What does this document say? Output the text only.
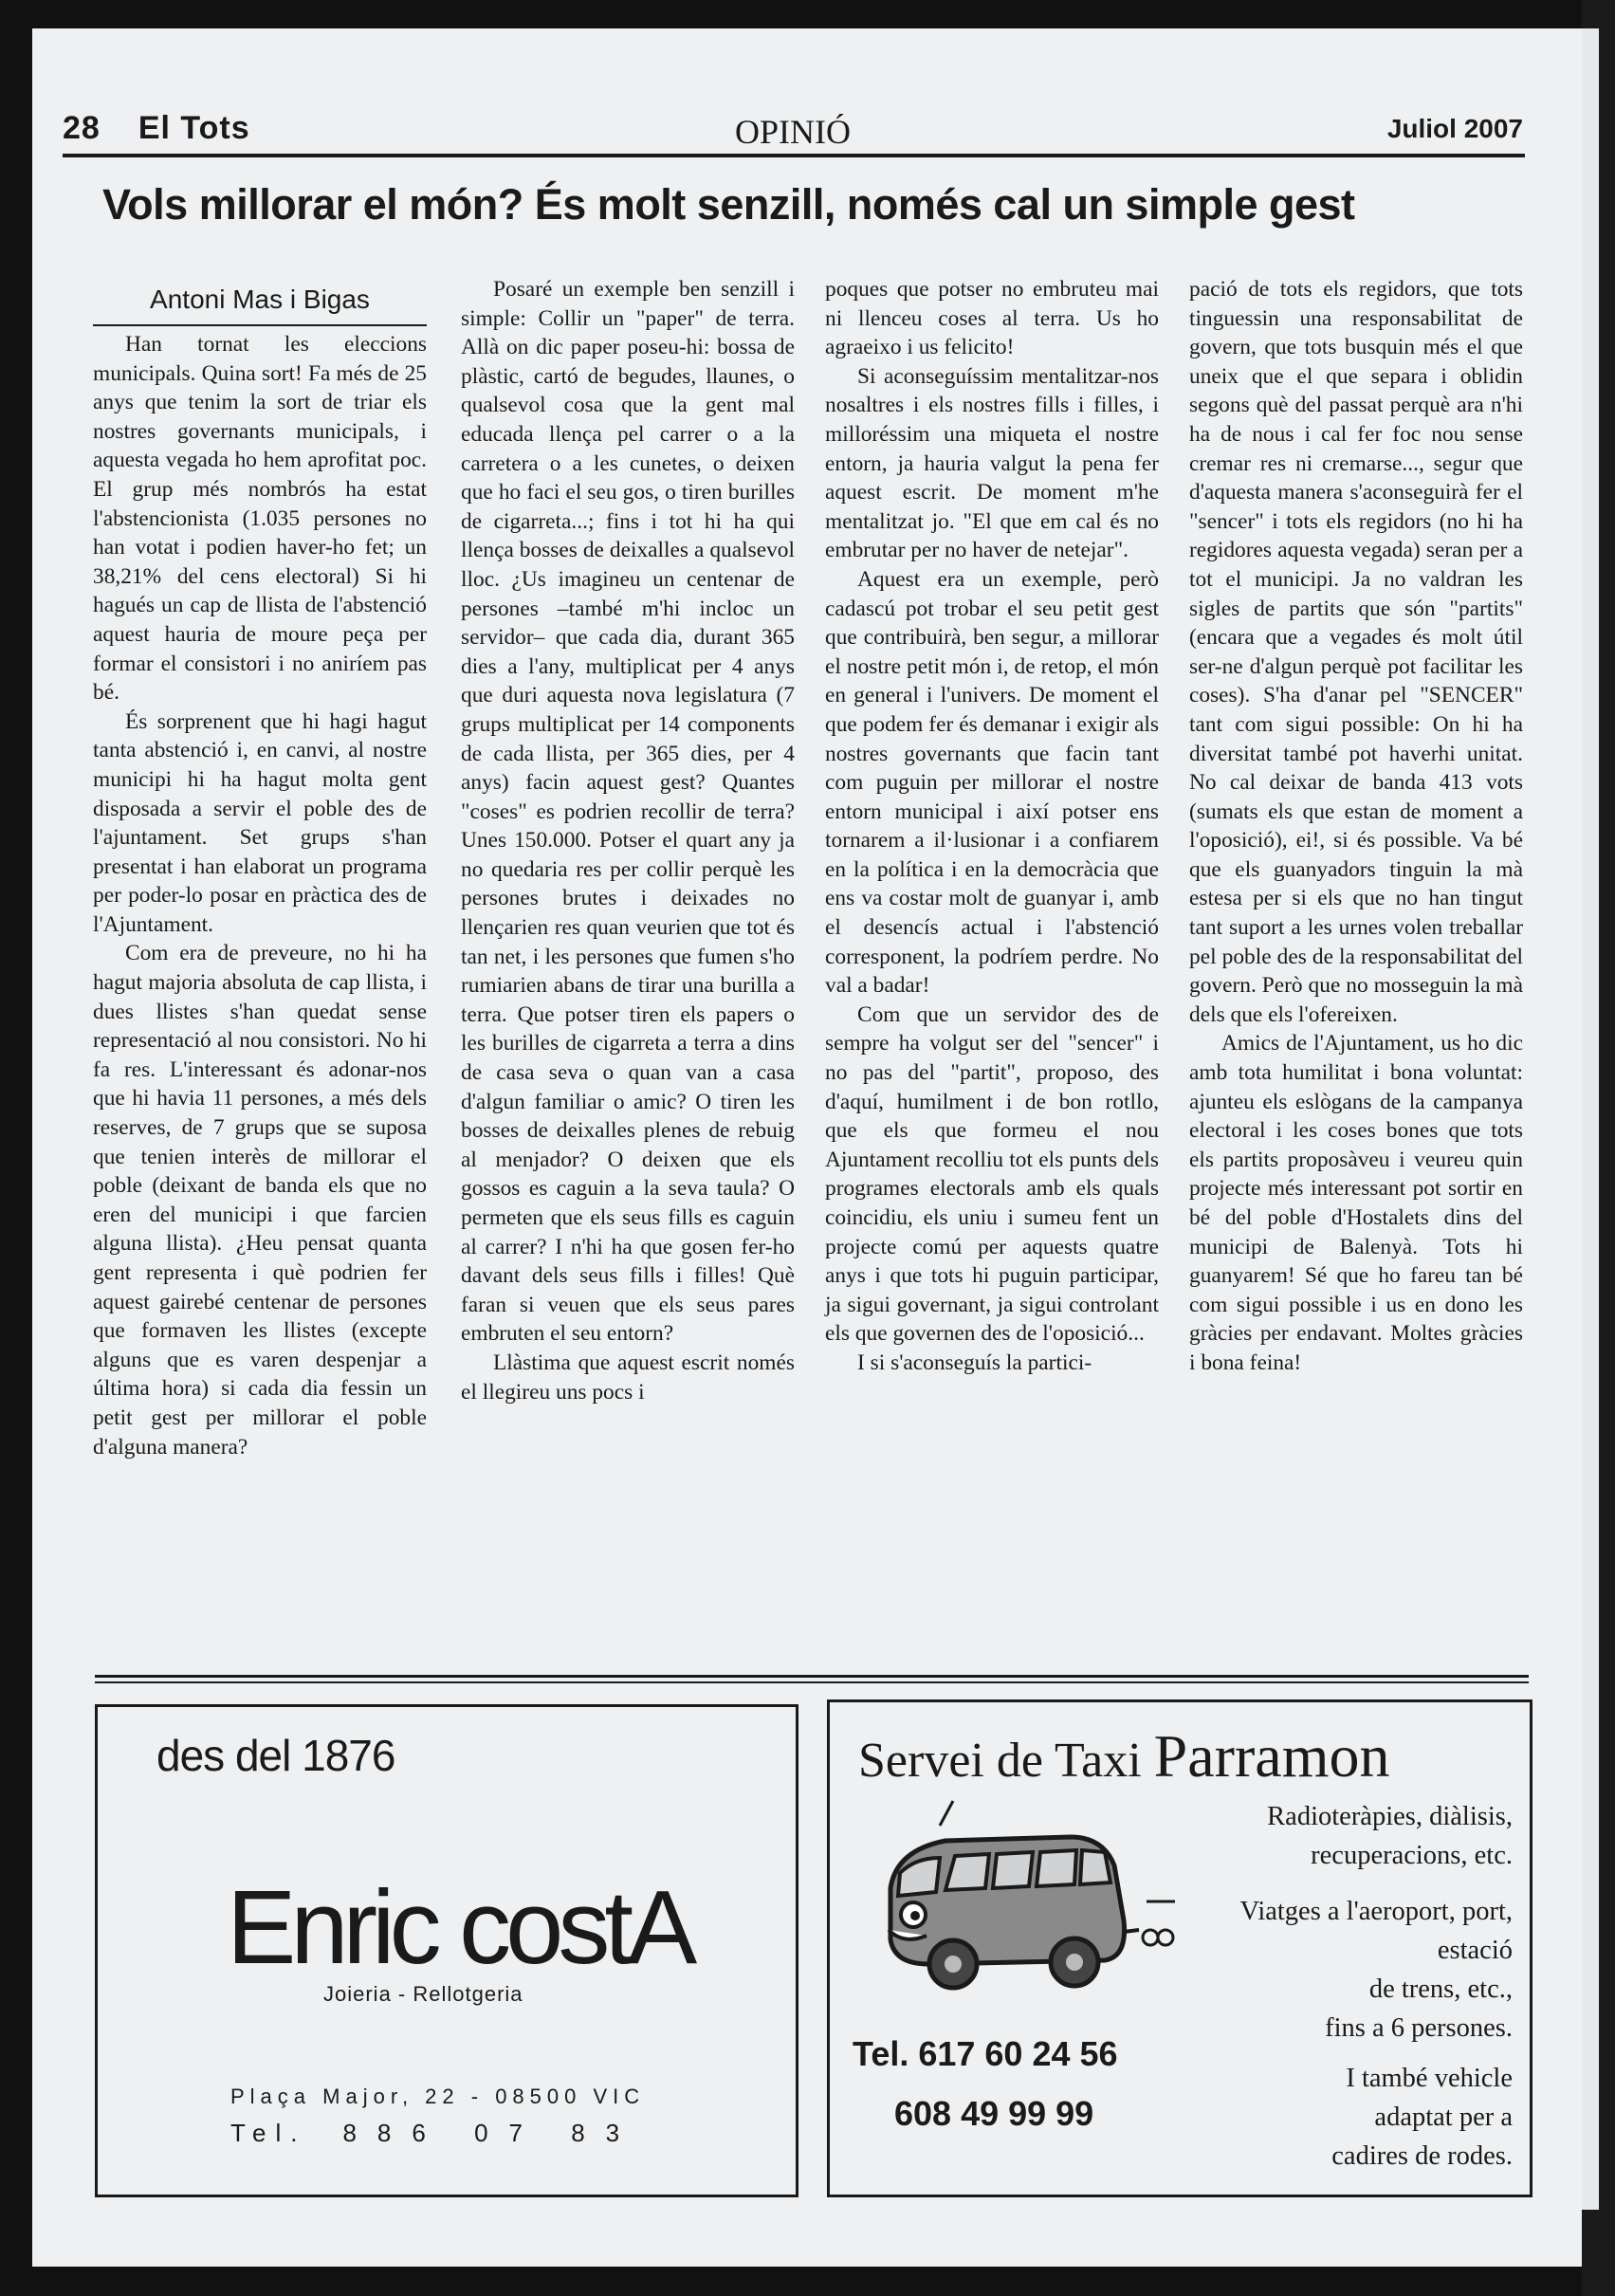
28 El Tots	OPINIÓ	Juliol 2007
Vols millorar el món? És molt senzill, només cal un simple gest
Antoni Mas i Bigas

Han tornat les eleccions municipals. Quina sort! Fa més de 25 anys que tenim la sort de triar els nostres governants municipals, i aquesta vegada ho hem aprofitat poc. El grup més nombrós ha estat l'abstencionista (1.035 persones no han votat i podien haver-ho fet; un 38,21% del cens electoral) Si hi hagués un cap de llista de l'abstenció aquest hauria de moure peça per formar el consistori i no aniríem pas bé.

És sorprenent que hi hagi hagut tanta abstenció i, en canvi, al nostre municipi hi ha hagut molta gent disposada a servir el poble des de l'ajuntament. Set grups s'han presentat i han elaborat un programa per poder-lo posar en pràctica des de l'Ajuntament.

Com era de preveure, no hi ha hagut majoria absoluta de cap llista, i dues llistes s'han quedat sense representació al nou consistori. No hi fa res. L'interessant és adonar-nos que hi havia 11 persones, a més dels reserves, de 7 grups que se suposa que tenien interès de millorar el poble (deixant de banda els que no eren del municipi i que farcien alguna llista). ¿Heu pensat quanta gent representa i què podrien fer aquest gairebé centenar de persones que formaven les llistes (excepte alguns que es varen despenjar a última hora) si cada dia fessin un petit gest per millorar el poble d'alguna manera?

Posaré un exemple ben senzill i simple: Collir un "paper" de terra. Allà on dic paper poseu-hi: bossa de plàstic, cartó de begudes, llaunes, o qualsevol cosa que la gent mal educada llença pel carrer o a la carretera o a les cunetes, o deixen que ho faci el seu gos, o tiren burilles de cigarreta...; fins i tot hi ha qui llença bosses de deixalles a qualsevol lloc. ¿Us imagineu un centenar de persones –també m'hi incloc un servidor– que cada dia, durant 365 dies a l'any, multiplicat per 4 anys que duri aquesta nova legislatura (7 grups multiplicat per 14 components de cada llista, per 365 dies, per 4 anys) facin aquest gest? Quantes "coses" es podrien recollir de terra? Unes 150.000. Potser el quart any ja no quedaria res per collir perquè les persones brutes i deixades no llençarien res quan veurien que tot és tan net, i les persones que fumen s'ho rumiarien abans de tirar una burilla a terra. Que potser tiren els papers o les burilles de cigarreta a terra a dins de casa seva o quan van a casa d'algun familiar o amic? O tiren les bosses de deixalles plenes de rebuig al menjador? O deixen que els gossos es caguin a la seva taula? O permeten que els seus fills es caguin al carrer? I n'hi ha que gosen fer-ho davant dels seus fills i filles! Què faran si veuen que els seus pares embruten el seu entorn?

Llàstima que aquest escrit només el llegireu uns pocs i

poques que potser no embruteu mai ni llenceu coses al terra. Us ho agraeixo i us felicito!

Si aconseguíssim mentalitzar-nos nosaltres i els nostres fills i filles, i milloréssim una miqueta el nostre entorn, ja hauria valgut la pena fer aquest escrit. De moment m'he mentalitzat jo. "El que em cal és no embrutar per no haver de netejar".

Aquest era un exemple, però cadascú pot trobar el seu petit gest que contribuirà, ben segur, a millorar el nostre petit món i, de retop, el món en general i l'univers. De moment el que podem fer és demanar i exigir als nostres governants que facin tant com puguin per millorar el nostre entorn municipal i així potser ens tornarem a il·lusionar i a confiarem en la política i en la democràcia que ens va costar molt de guanyar i, amb el desencís actual i l'abstenció corresponent, la podríem perdre. No val a badar!

Com que un servidor des de sempre ha volgut ser del "sencer" i no pas del "partit", proposo, des d'aquí, humilment i de bon rotllo, que els que formeu el nou Ajuntament recolliu tot els punts dels programes electorals amb els quals coincidiu, els uniu i sumeu fent un projecte comú per aquests quatre anys i que tots hi puguin participar, ja sigui governant, ja sigui controlant els que governen des de l'oposició...

I si s'aconseguís la partici-

pació de tots els regidors, que tots tinguessin una responsabilitat de govern, que tots busquin més el que uneix que el que separa i oblidin segons què del passat perquè ara n'hi ha de nous i cal fer foc nou sense cremar res ni cremarse..., segur que d'aquesta manera s'aconseguirà fer el "sencer" i tots els regidors (no hi ha regidores aquesta vegada) seran per a tot el municipi. Ja no valdran les sigles de partits que són "partits" (encara que a vegades és molt útil ser-ne d'algun perquè pot facilitar les coses). S'ha d'anar pel "SENCER" tant com sigui possible: On hi ha diversitat també pot haverhi unitat. No cal deixar de banda 413 vots (sumats els que estan de moment a l'oposició), ei!, si és possible. Va bé que els guanyadors tinguin la mà estesa per si els que no han tingut tant suport a les urnes volen treballar pel poble des de la responsabilitat del govern. Però que no mosseguin la mà dels que els l'ofereixen.

Amics de l'Ajuntament, us ho dic amb tota humilitat i bona voluntat: ajunteu els eslògans de la campanya electoral i les coses bones que tots els partits proposàveu i veureu quin projecte més interessant pot sortir en bé del poble d'Hostalets dins del municipi de Balenyà. Tots hi guanyarem! Sé que ho fareu tan bé com sigui possible i us en dono les gràcies per endavant. Moltes gràcies i bona feina!

des del 1876
Enric costA
Joieria - Rellotgeria
Plaça Major, 22 - 08500 VIC
Tel. 886 07 83
Servei de Taxi Parramon
Radioteràpies, diàlisis,
recuperacions, etc.
Viatges a l'aeroport, port,
estació
de trens, etc.,
fins a 6 persones.
I també vehicle
adaptat per a
cadires de rodes.
Tel. 617 60 24 56
608 49 99 99
